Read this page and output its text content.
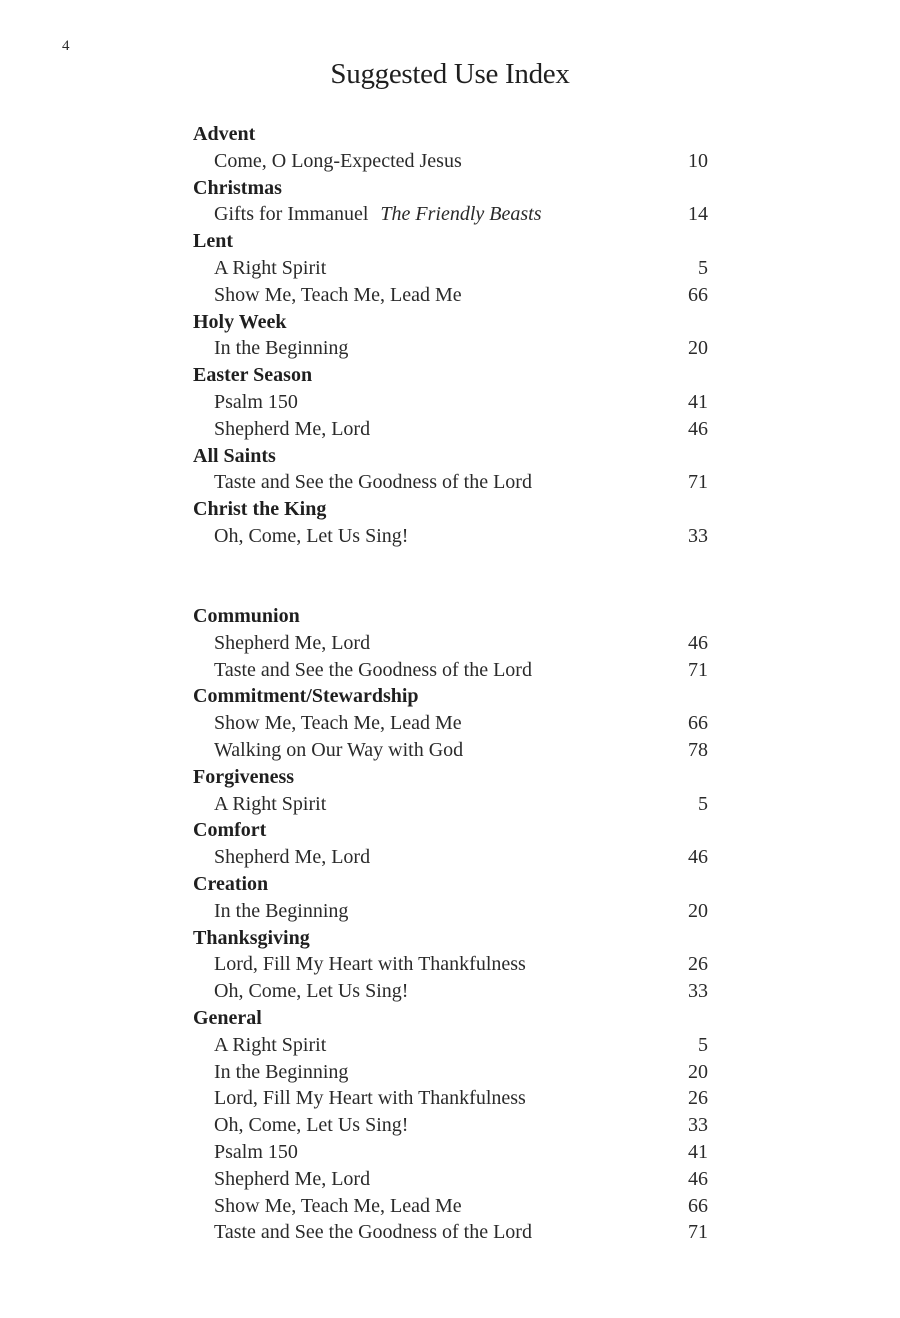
4
Suggested Use Index
Advent
Come, O Long-Expected Jesus	10
Christmas
Gifts for Immanuel The Friendly Beasts	14
Lent
A Right Spirit	5
Show Me, Teach Me, Lead Me	66
Holy Week
In the Beginning	20
Easter Season
Psalm 150	41
Shepherd Me, Lord	46
All Saints
Taste and See the Goodness of the Lord	71
Christ the King
Oh, Come, Let Us Sing!	33
Communion
Shepherd Me, Lord	46
Taste and See the Goodness of the Lord	71
Commitment/Stewardship
Show Me, Teach Me, Lead Me	66
Walking on Our Way with God	78
Forgiveness
A Right Spirit	5
Comfort
Shepherd Me, Lord	46
Creation
In the Beginning	20
Thanksgiving
Lord, Fill My Heart with Thankfulness	26
Oh, Come, Let Us Sing!	33
General
A Right Spirit	5
In the Beginning	20
Lord, Fill My Heart with Thankfulness	26
Oh, Come, Let Us Sing!	33
Psalm 150	41
Shepherd Me, Lord	46
Show Me, Teach Me, Lead Me	66
Taste and See the Goodness of the Lord	71
